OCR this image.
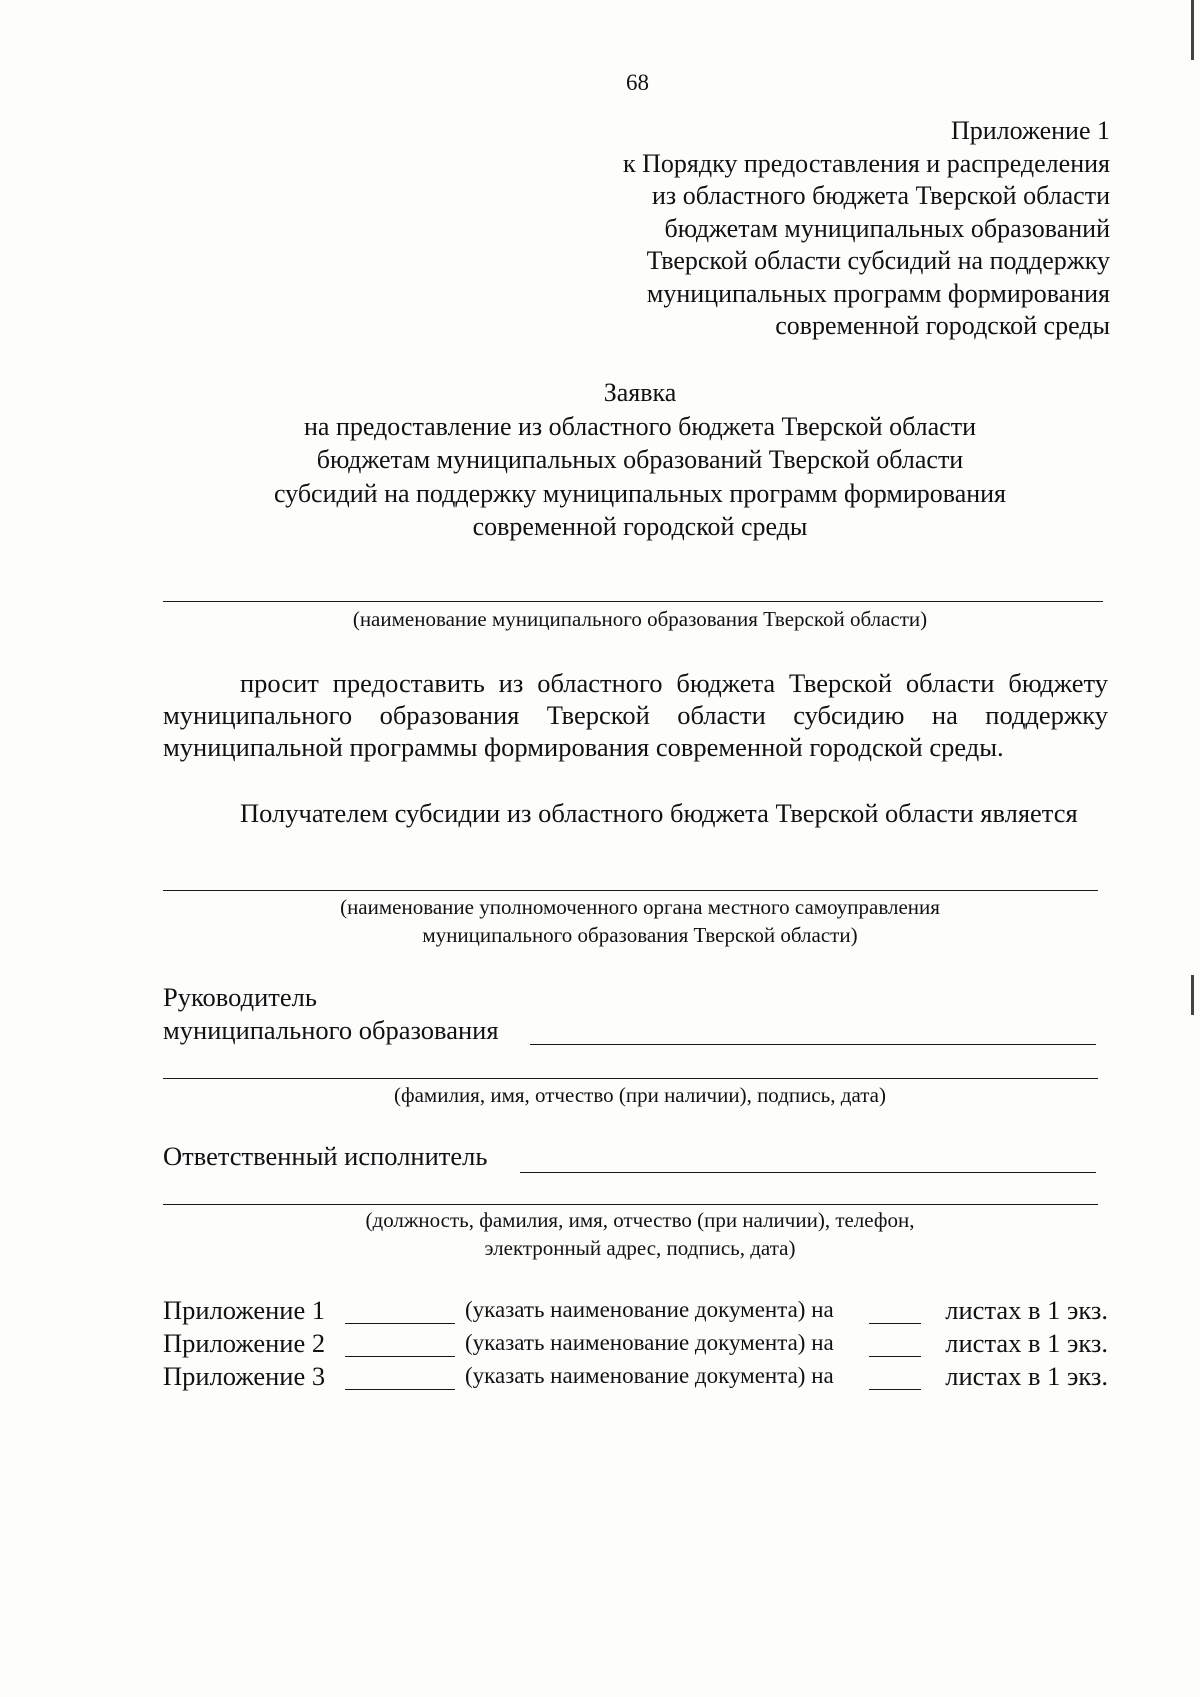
68
Приложение 1
к Порядку предоставления и распределения
из областного бюджета Тверской области
бюджетам муниципальных образований
Тверской области субсидий на поддержку
муниципальных программ формирования
современной городской среды
Заявка
на предоставление из областного бюджета Тверской области
бюджетам муниципальных образований Тверской области
субсидий на поддержку муниципальных программ формирования
современной городской среды
(наименование муниципального образования Тверской области)
просит предоставить из областного бюджета Тверской области бюджету муниципального образования Тверской области субсидию на поддержку муниципальной программы формирования современной городской среды.
Получателем субсидии из областного бюджета Тверской области является
(наименование уполномоченного органа местного самоуправления
муниципального образования Тверской области)
Руководитель
муниципального образования
(фамилия, имя, отчество (при наличии), подпись, дата)
Ответственный исполнитель
(должность, фамилия, имя, отчество (при наличии), телефон,
электронный адрес, подпись, дата)
Приложение 1	(указать наименование документа) на	листах в 1 экз.
Приложение 2	(указать наименование документа) на	листах в 1 экз.
Приложение 3	(указать наименование документа) на	листах в 1 экз.
